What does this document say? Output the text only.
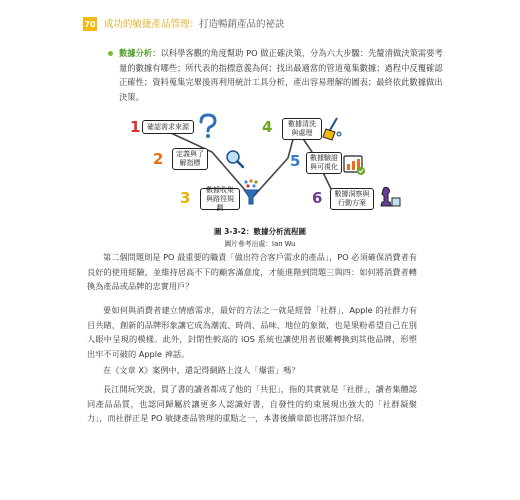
70 成功的敏捷產品管理：打造暢銷產品的祕訣
數據分析：以科學客觀的角度幫助 PO 做正確決策，分為六大步驟：先釐清做決策需要考量的數據有哪些；所代表的指標意義為何；找出最適當的管道蒐集數據；過程中反覆確認正確性；資料蒐集完畢後再利用統計工具分析，產出容易理解的圖表；最終依此數據做出決策。
1 確認需求來源
2	定義與了解指標
3	數據收集與路徑規劃
4	數據清洗與處理
5	數據驗證與可視化
6	數據洞察與行動方案
圖 3-3-2：數據分析流程圖
圖片參考出處：Ian Wu
第二個問題則是 PO 最重要的職責「做出符合客戶需求的產品」，PO 必須確保消費者有良好的使用經驗，並維持居高不下的顧客滿意度，才能進階到問題三與四：如何將消費者轉換為產品或品牌的忠實用戶？
要如何與消費者建立情感需求，最好的方法之一就是經營「社群」，Apple 的社群力有目共睹，創新的品牌形象讓它成為潮流、時尚、品味、地位的象徵，也是果粉希望自己在別人眼中呈現的模樣。此外，封閉性較高的 iOS 系統也讓使用者很難轉換到其他品牌，形塑出牢不可破的 Apple 神話。
在《文章 X》案例中，還記得網路上沒人「爆雷」嗎？
長江開玩笑說，買了書的讀者都成了他的「共犯」，指的其實就是「社群」，讀者集體認同產品品質，也認同歸屬於讓更多人認識好書，自發性的約束展現出強大的「社群凝聚力」，而社群正是 PO 敏捷產品管理的重點之一，本書後續章節也將詳加介紹。
